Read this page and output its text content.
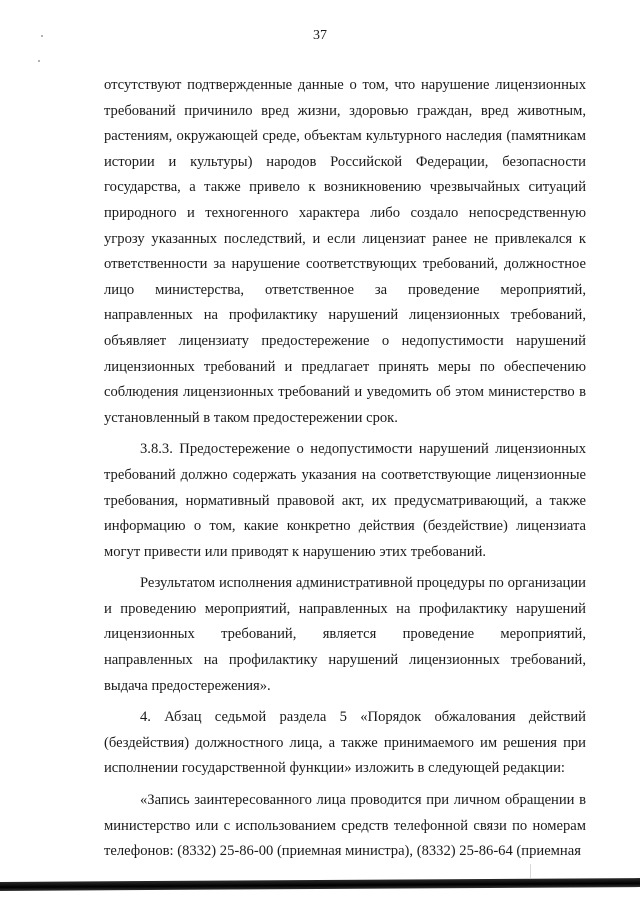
37

отсутствуют подтвержденные данные о том, что нарушение лицензионных требований причинило вред жизни, здоровью граждан, вред животным, растениям, окружающей среде, объектам культурного наследия (памятникам истории и культуры) народов Российской Федерации, безопасности государства, а также привело к возникновению чрезвычайных ситуаций природного и техногенного характера либо создало непосредственную угрозу указанных последствий, и если лицензиат ранее не привлекался к ответственности за нарушение соответствующих требований, должностное лицо министерства, ответственное за проведение мероприятий, направленных на профилактику нарушений лицензионных требований, объявляет лицензиату предостережение о недопустимости нарушений лицензионных требований и предлагает принять меры по обеспечению соблюдения лицензионных требований и уведомить об этом министерство в установленный в таком предостережении срок.

3.8.3. Предостережение о недопустимости нарушений лицензионных требований должно содержать указания на соответствующие лицензионные требования, нормативный правовой акт, их предусматривающий, а также информацию о том, какие конкретно действия (бездействие) лицензиата могут привести или приводят к нарушению этих требований.

Результатом исполнения административной процедуры по организации и проведению мероприятий, направленных на профилактику нарушений лицензионных требований, является проведение мероприятий, направленных на профилактику нарушений лицензионных требований, выдача предостережения».

4. Абзац седьмой раздела 5 «Порядок обжалования действий (бездействия) должностного лица, а также принимаемого им решения при исполнении государственной функции» изложить в следующей редакции:

«Запись заинтересованного лица проводится при личном обращении в министерство или с использованием средств телефонной связи по номерам телефонов: (8332) 25-86-00 (приемная министра), (8332) 25-86-64 (приемная
